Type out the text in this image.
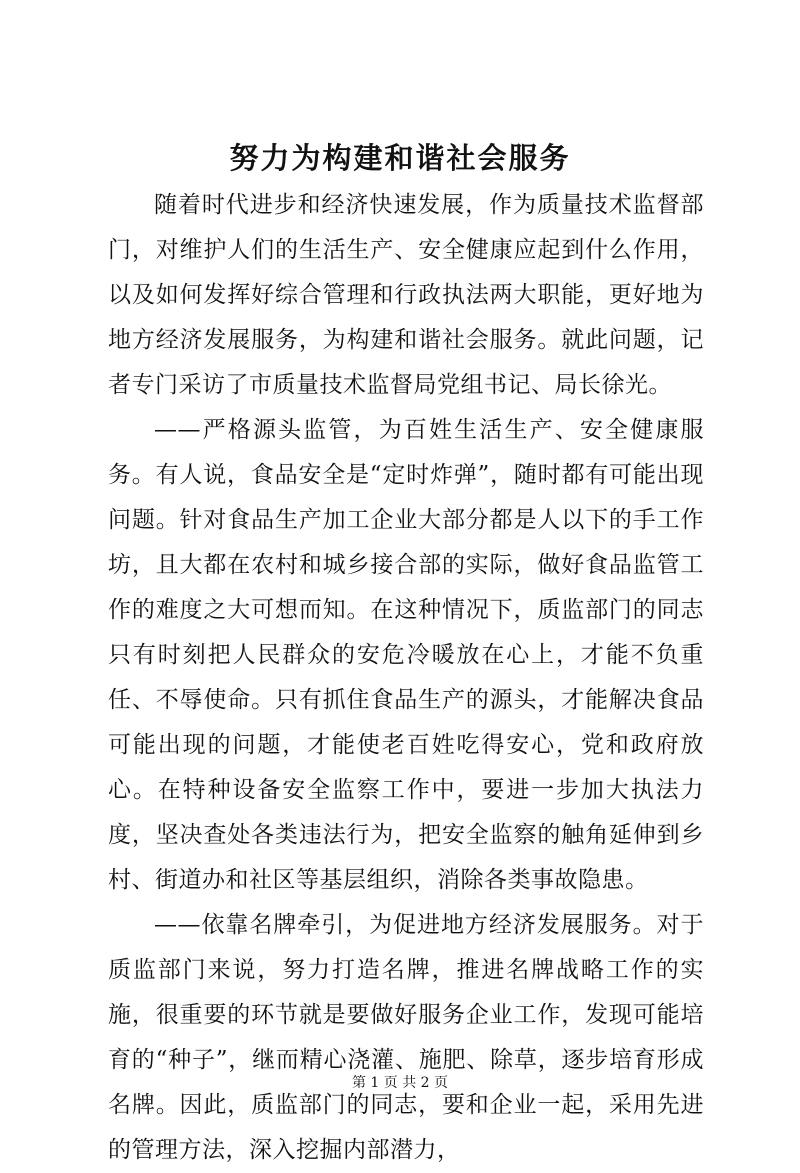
努力为构建和谐社会服务

随着时代进步和经济快速发展，作为质量技术监督部门，对维护人们的生活生产、安全健康应起到什么作用，以及如何发挥好综合管理和行政执法两大职能，更好地为地方经济发展服务，为构建和谐社会服务。就此问题，记者专门采访了市质量技术监督局党组书记、局长徐光。

——严格源头监管，为百姓生活生产、安全健康服务。有人说，食品安全是“定时炸弹”，随时都有可能出现问题。针对食品生产加工企业大部分都是人以下的手工作坊，且大都在农村和城乡接合部的实际，做好食品监管工作的难度之大可想而知。在这种情况下，质监部门的同志只有时刻把人民群众的安危冷暖放在心上，才能不负重任、不辱使命。只有抓住食品生产的源头，才能解决食品可能出现的问题，才能使老百姓吃得安心，党和政府放心。在特种设备安全监察工作中，要进一步加大执法力度，坚决查处各类违法行为，把安全监察的触角延伸到乡村、街道办和社区等基层组织，消除各类事故隐患。

——依靠名牌牵引，为促进地方经济发展服务。对于质监部门来说，努力打造名牌，推进名牌战略工作的实施，很重要的环节就是要做好服务企业工作，发现可能培育的“种子”，继而精心浇灌、施肥、除草，逐步培育形成名牌。因此，质监部门的同志，要和企业一起，采用先进的管理方法，深入挖掘内部潜力，

第 1 页 共 2 页
